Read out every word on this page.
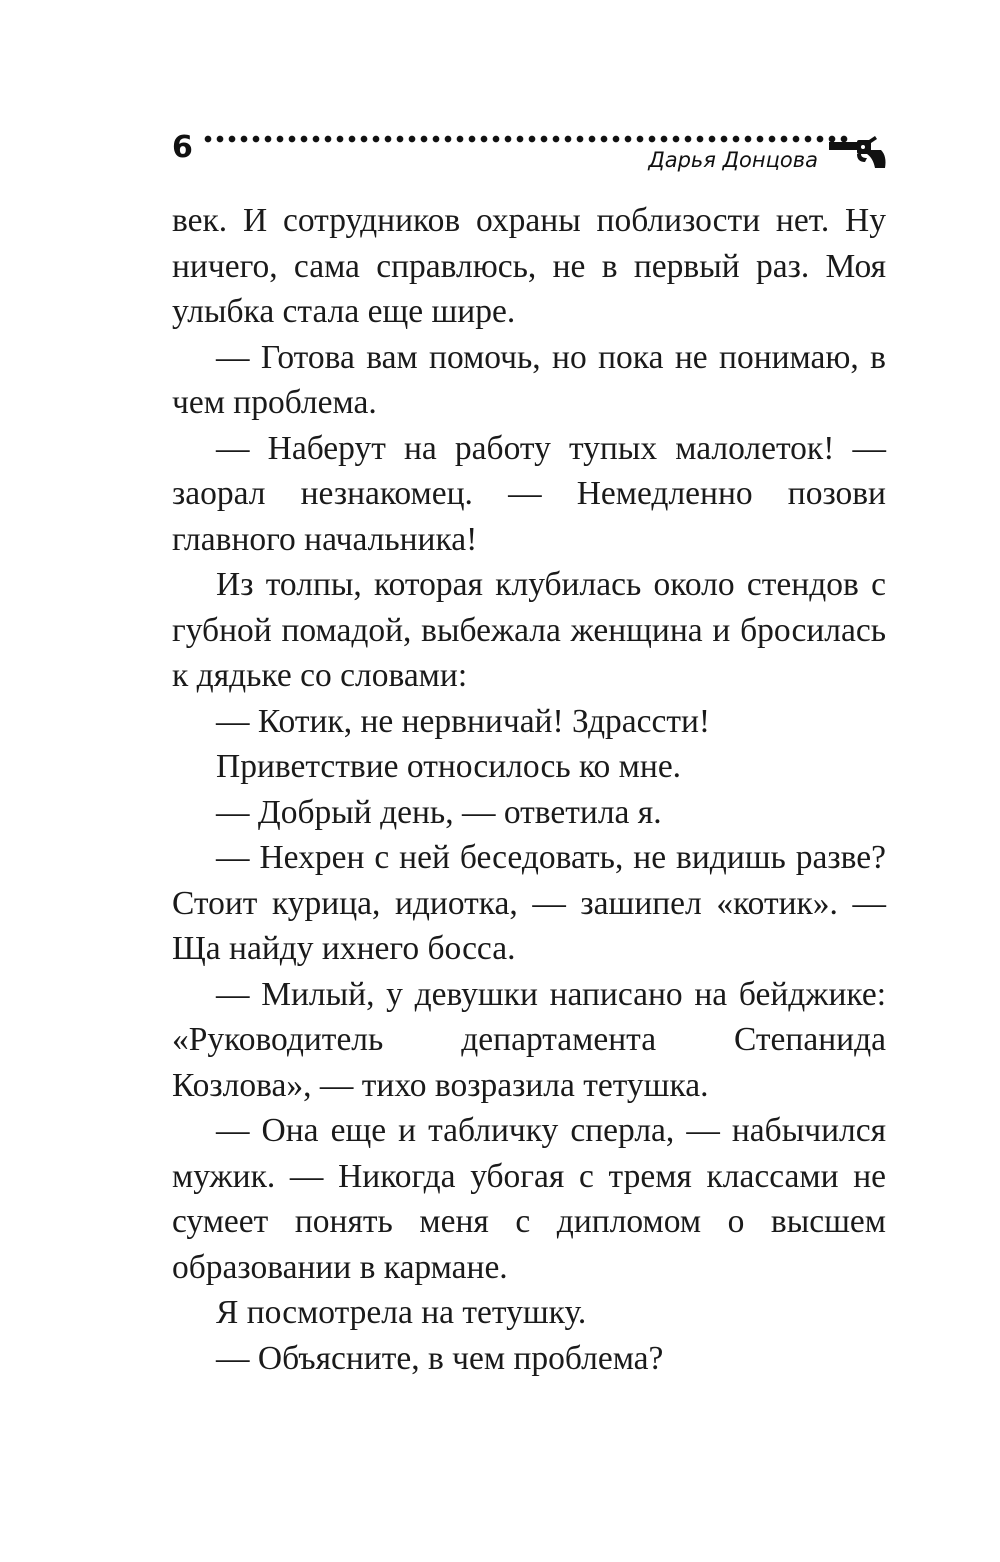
6	Дарья Донцова

век. И сотрудников охраны поблизости нет. Ну ничего, сама справлюсь, не в первый раз. Моя улыбка стала еще шире.

— Готова вам помочь, но пока не понимаю, в чем проблема.

— Наберут на работу тупых малолеток! — заорал незнакомец. — Немедленно позови главного начальника!

Из толпы, которая клубилась около стендов с губной помадой, выбежала женщина и бросилась к дядьке со словами:

— Котик, не нервничай! Здрасcти!

Приветствие относилось ко мне.

— Добрый день, — ответила я.

— Нехрен с ней беседовать, не видишь разве? Стоит курица, идиотка, — зашипел «котик». — Ща найду ихнего босса.

— Милый, у девушки написано на бейджике: «Руководитель департамента Степанида Козлова», — тихо возразила тетушка.

— Она еще и табличку сперла, — набычился мужик. — Никогда убогая с тремя классами не сумеет понять меня с дипломом о высшем образовании в кармане.

Я посмотрела на тетушку.

— Объясните, в чем проблема?
